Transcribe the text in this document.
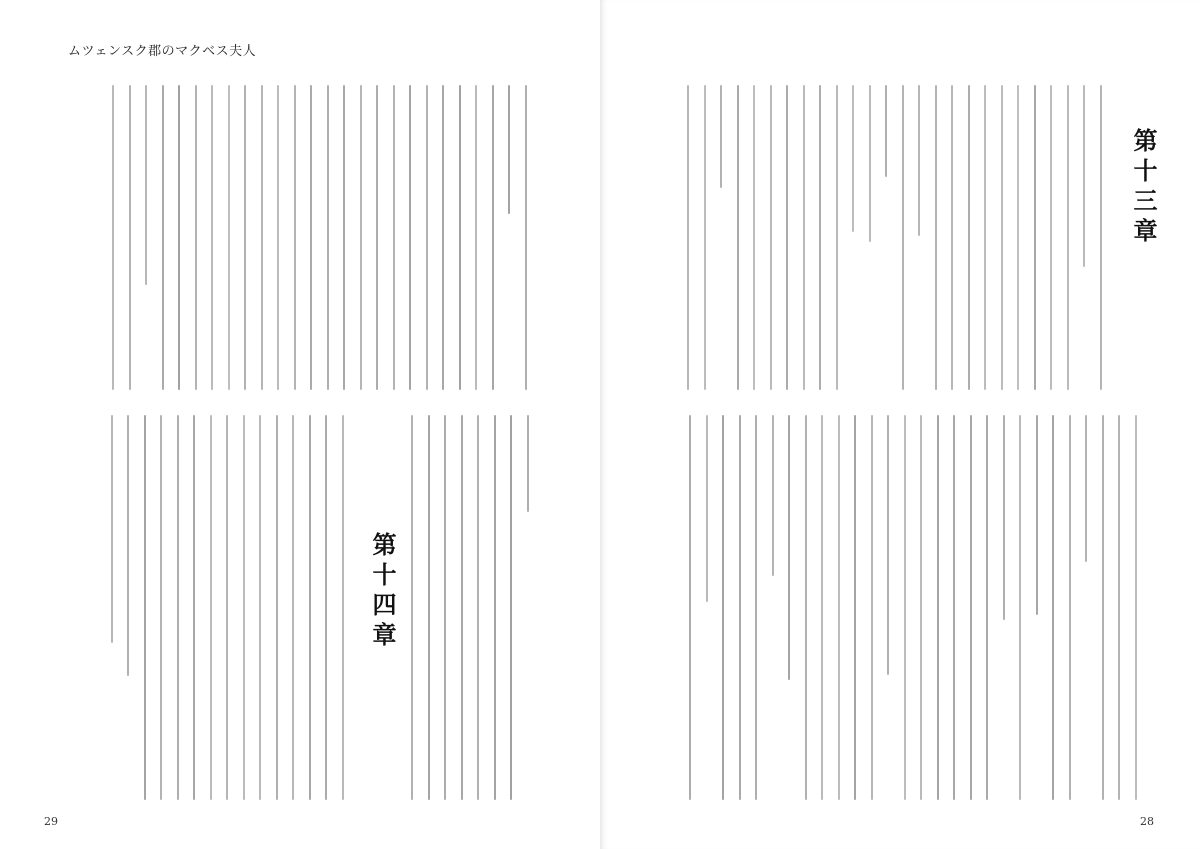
ムツェンスク郡のマクベス夫人
第十四章
29
第十三章
28
